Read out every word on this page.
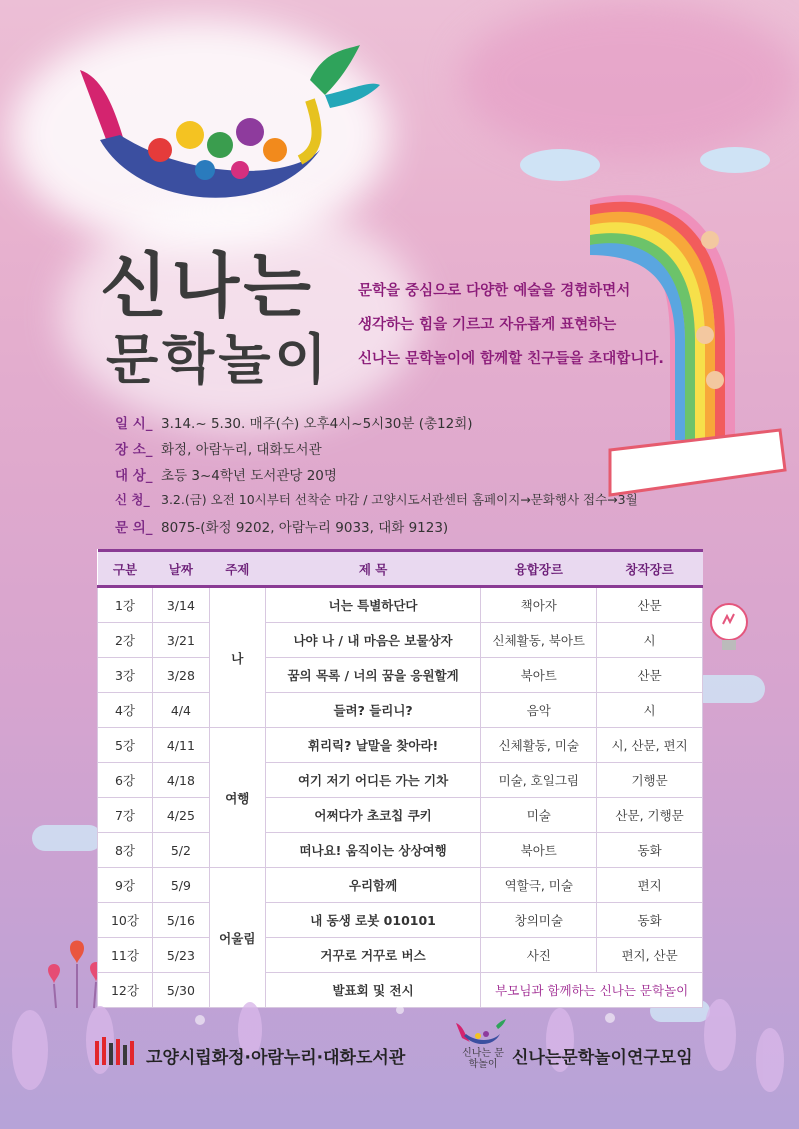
신나는
문학놀이
문학을 중심으로 다양한 예술을 경험하면서
생각하는 힘을 기르고 자유롭게 표현하는
신나는 문학놀이에 함께할 친구들을 초대합니다.
일 시_ 3.14.~ 5.30. 매주(수) 오후4시~5시30분 (총12회)
장 소_ 화정, 아람누리, 대화도서관
대 상_ 초등 3~4학년 도서관당 20명
신 청_ 3.2.(금) 오전 10시부터 선착순 마감 / 고양시도서관센터 홈페이지→문화행사 접수→3월
문 의_ 8075-(화정 9202, 아람누리 9033, 대화 9123)
구분	날짜	주제	제 목	융합장르	창작장르
1강	3/14	나	너는 특별하단다	책아자	산문
2강	3/21		나야 나 / 내 마음은 보물상자	신체활동, 북아트	시
3강	3/28		꿈의 목록 / 너의 꿈을 응원할게	북아트	산문
4강	4/4		들려? 들리니?	음악	시
5강	4/11	여행	휘리릭? 날말을 찾아라!	신체활동, 미술	시, 산문, 편지
6강	4/18		여기 저기 어디든 가는 기차	미술, 호일그림	기행문
7강	4/25		어쩌다가 초코칩 쿠키	미술	산문, 기행문
8강	5/2		떠나요! 움직이는 상상여행	북아트	동화
9강	5/9	어울림	우리함께	역할극, 미술	편지
10강	5/16		내 동생 로봇 010101	창의미술	동화
11강	5/23		거꾸로 거꾸로 버스	사진	편지, 산문
12강	5/30		발표회 및 전시	부모님과 함께하는 신나는 문학놀이	
고양시립화정·아람누리·대화도서관	신나는 문학놀이 신나는문학놀이연구모임
